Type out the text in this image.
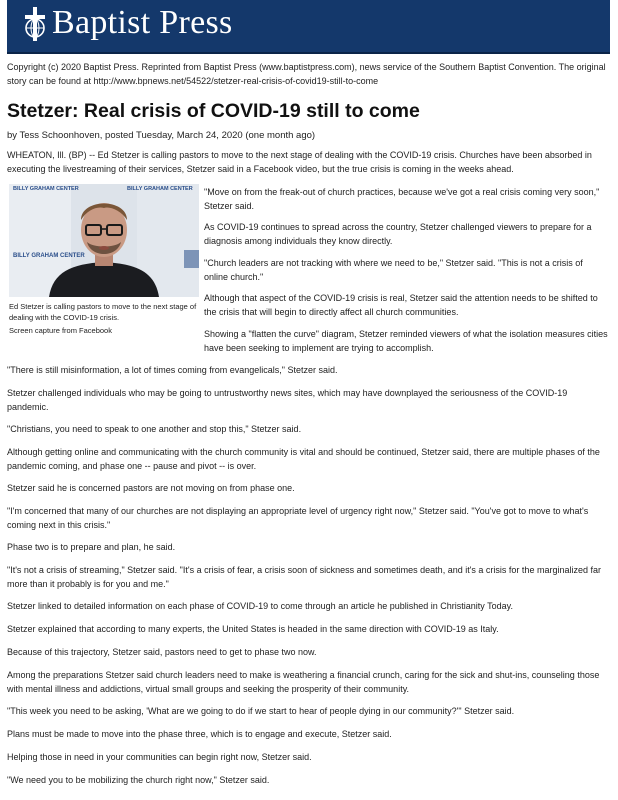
Baptist Press
Copyright (c) 2020 Baptist Press. Reprinted from Baptist Press (www.baptistpress.com), news service of the Southern Baptist Convention. The original story can be found at http://www.bpnews.net/54522/stetzer-real-crisis-of-covid19-still-to-come
Stetzer: Real crisis of COVID-19 still to come
by Tess Schoonhoven, posted Tuesday, March 24, 2020 (one month ago)

WHEATON, Ill. (BP) -- Ed Stetzer is calling pastors to move to the next stage of dealing with the COVID-19 crisis. Churches have been absorbed in executing the livestreaming of their services, Stetzer said in a Facebook video, but the true crisis is coming in the weeks ahead.

BILLY GRAHAM CENTER	BILLY GRAHAM CENTER
BILLY GRAHAM CENTER
Ed Stetzer is calling pastors to move to the next stage of dealing with the COVID-19 crisis.
Screen capture from Facebook

"Move on from the freak-out of church practices, because we've got a real crisis coming very soon," Stetzer said.

As COVID-19 continues to spread across the country, Stetzer challenged viewers to prepare for a diagnosis among individuals they know directly.

"Church leaders are not tracking with where we need to be," Stetzer said. "This is not a crisis of online church."

Although that aspect of the COVID-19 crisis is real, Stetzer said the attention needs to be shifted to the crisis that will begin to directly affect all church communities.

Showing a "flatten the curve" diagram, Stetzer reminded viewers of what the isolation measures cities have been seeking to implement are trying to accomplish.

"There is still misinformation, a lot of times coming from evangelicals," Stetzer said.

Stetzer challenged individuals who may be going to untrustworthy news sites, which may have downplayed the seriousness of the COVID-19 pandemic.

"Christians, you need to speak to one another and stop this," Stetzer said.

Although getting online and communicating with the church community is vital and should be continued, Stetzer said, there are multiple phases of the pandemic coming, and phase one -- pause and pivot -- is over.

Stetzer said he is concerned pastors are not moving on from phase one.

"I'm concerned that many of our churches are not displaying an appropriate level of urgency right now," Stetzer said. "You've got to move to what's coming next in this crisis."

Phase two is to prepare and plan, he said.

"It's not a crisis of streaming," Stetzer said. "It's a crisis of fear, a crisis soon of sickness and sometimes death, and it's a crisis for the marginalized far more than it probably is for you and me."

Stetzer linked to detailed information on each phase of COVID-19 to come through an article he published in Christianity Today.

Stetzer explained that according to many experts, the United States is headed in the same direction with COVID-19 as Italy.

Because of this trajectory, Stetzer said, pastors need to get to phase two now.

Among the preparations Stetzer said church leaders need to make is weathering a financial crunch, caring for the sick and shut-ins, counseling those with mental illness and addictions, virtual small groups and seeking the prosperity of their community.

"This week you need to be asking, 'What are we going to do if we start to hear of people dying in our community?'" Stetzer said.

Plans must be made to move into the phase three, which is to engage and execute, Stetzer said.

Helping those in need in your communities can begin right now, Stetzer said.

"We need you to be mobilizing the church right now," Stetzer said.
